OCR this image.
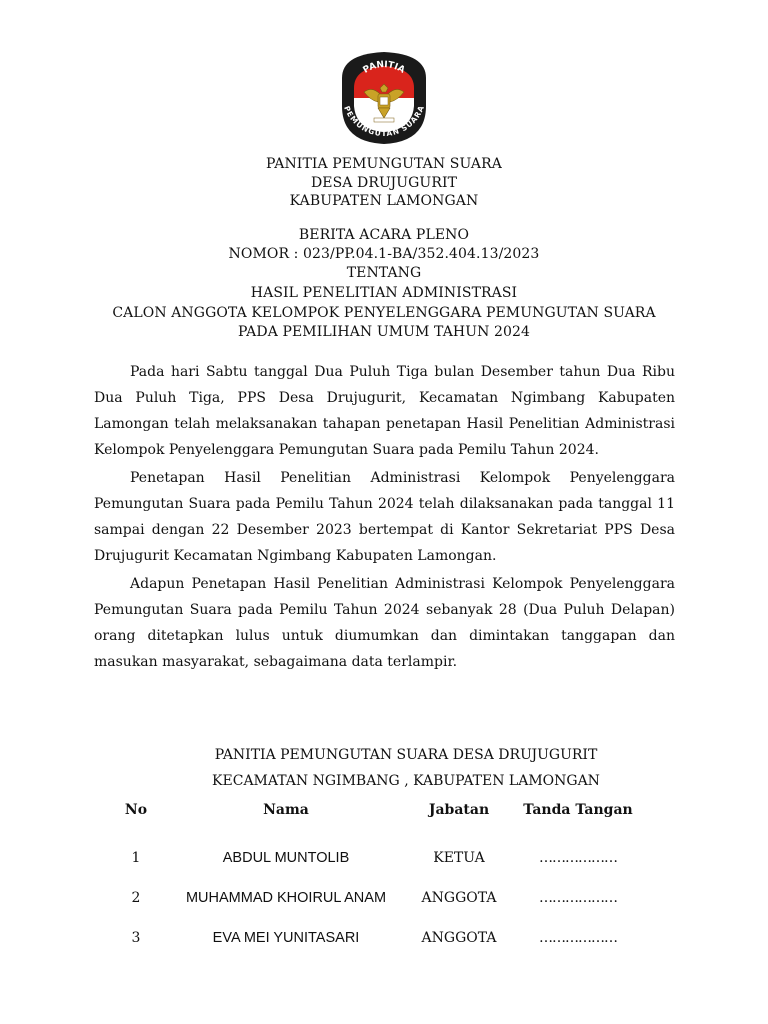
PANITIA
PEMUNGUTAN SUARA
PANITIA PEMUNGUTAN SUARA
DESA DRUJUGURIT
KABUPATEN LAMONGAN
BERITA ACARA PLENO
NOMOR : 023/PP.04.1-BA/352.404.13/2023
TENTANG
HASIL PENELITIAN ADMINISTRASI
CALON ANGGOTA KELOMPOK PENYELENGGARA PEMUNGUTAN SUARA
PADA PEMILIHAN UMUM TAHUN 2024

Pada hari Sabtu tanggal Dua Puluh Tiga bulan Desember tahun Dua Ribu Dua Puluh Tiga, PPS Desa Drujugurit, Kecamatan Ngimbang Kabupaten Lamongan telah melaksanakan tahapan penetapan Hasil Penelitian Administrasi Kelompok Penyelenggara Pemungutan Suara pada Pemilu Tahun 2024.

Penetapan Hasil Penelitian Administrasi Kelompok Penyelenggara Pemungutan Suara pada Pemilu Tahun 2024 telah dilaksanakan pada tanggal 11 sampai dengan 22 Desember 2023 bertempat di Kantor Sekretariat PPS Desa Drujugurit Kecamatan Ngimbang Kabupaten Lamongan.

Adapun Penetapan Hasil Penelitian Administrasi Kelompok Penyelenggara Pemungutan Suara pada Pemilu Tahun 2024 sebanyak 28 (Dua Puluh Delapan) orang ditetapkan lulus untuk diumumkan dan dimintakan tanggapan dan masukan masyarakat, sebagaimana data terlampir.

PANITIA PEMUNGUTAN SUARA DESA DRUJUGURIT
KECAMATAN NGIMBANG , KABUPATEN LAMONGAN
No	Nama	Jabatan	Tanda Tangan

1	ABDUL MUNTOLIB	KETUA	………………
2	MUHAMMAD KHOIRUL ANAM	ANGGOTA	………………
3	EVA MEI YUNITASARI	ANGGOTA	………………
